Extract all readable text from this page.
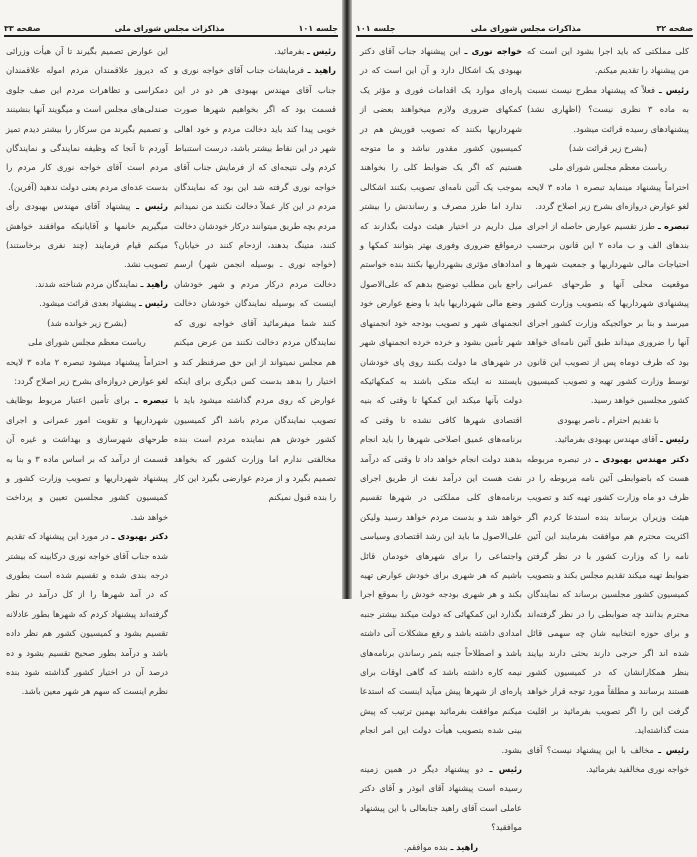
صفحه ۳۳	مذاکرات مجلس شورای ملی	جلسه ۱۰۱

رئیس ـ بفرمائید.

راهید ـ فرمایشات جناب آقای خواجه نوری و جناب آقای مهندس بهبودی هر دو در این قسمت بود که اگر بخواهیم شهرها صورت خوبی پیدا کند باید دخالت مردم و خود اهالی شهر در این نقاط بیشتر باشد، درست استنباط کردم ولی نتیجه‌ای که از فرمایش جناب آقای خواجه نوری گرفته شد این بود که نمایندگان مردم در این کار عملاً دخالت نکنند من نمیدانم مردم بچه طریق میتوانند درکار خودشان دخالت کنند، متینگ بدهند، ازدحام کنند در خیابان؟ (خواجه نوری ـ بوسیله انجمن شهر) ارسم دخالت مردم درکار مردم و شهر خودشان اینست که بوسیله نمایندگان خودشان دخالت کنند شما میفرمائید آقای خواجه نوری که نمایندگان مردم دخالت نکنند من عرض میکنم هم مجلس نمیتواند از این حق صرفنظر کند و اختیار را بدهد بدست کس دیگری برای اینکه عوارض که روی مردم گذاشته میشود باید با تصویب نمایندگان مردم باشد اگر کمیسیون کشور خودش هم نماینده مردم است بنده مخالفتی ندارم اما وزارت کشور که بخواهد تصمیم بگیرد و از مردم عوارضی بگیرد این کار را بنده قبول نمیکنم

این عوارض تصمیم بگیرند تا آن هیأت وزرائی که دیروز علاقمندان مردم اموله علاقمندان دمکراسی و تظاهرات مردم این صف جلوی صندلی‌های مجلس است و میگویند آنها بنشینند و تصمیم بگیرند من سرکار را بیشتر دیدم تمیز آوردم تا آنجا که وظیفه نمایندگی و نمایندگان مردم است آقای خواجه نوری کار مردم را بدست عده‌ای مردم یعنی دولت ندهید (آفرین).

رئیس ـ پیشنهاد آقای مهندس بهبودی رأی میگیریم خانمها و آقایانیکه موافقند خواهش میکنم قیام فرمایند (چند نفری برخاستند) تصویب نشد.

راهید ـ نمایندگان مردم شناخته شدند.

رئیس ـ پیشنهاد بعدی قرائت میشود.

(بشرح زیر خوانده شد)

ریاست معظم مجلس شورای ملی

احتراماً پیشنهاد میشود تبصره ۲ ماده ۳ لایحه لغو عوارض دروازه‌ای بشرح زیر اصلاح گردد:

تبصره ـ برای تأمین اعتبار مربوط بوظایف شهرداریها و تقویت امور عمرانی و اجرای طرحهای شهرسازی و بهداشت و غیره آن قسمت از درآمد که بر اساس ماده ۳ و بنا به پیشنهاد شهرداریها و تصویب وزارت کشور و کمیسیون کشور مجلسین تعیین و پرداخت خواهد شد.

دکتر بهبودی ـ در مورد این پیشنهاد که تقدیم شده جناب آقای خواجه نوری درکابینه که بیشتر درجه بندی شده و تقسیم شده است بطوری که در آمد شهرها را از کل درآمد در نظر گرفته‌اند پیشنهاد کردم که شهرها بطور عادلانه تقسیم بشود و کمیسیون کشور هم نظر داده باشد و درآمد بطور صحیح تقسیم بشود و ده درصد آن در اختیار کشور گذاشته شود بنده نظرم اینست که سهم هر شهر معین باشد.

جلسه ۱۰۱	مذاکرات مجلس شورای ملی	صفحه ۳۲

کلی مملکتی که باید اجرا بشود این است که من پیشنهاد را تقدیم میکنم.

رئیس ـ فعلاً که پیشنهاد مطرح نیست نسبت به ماده ۳ نظری نیست؟ (اظهاری نشد) پیشنهادهای رسیده قرائت میشود.

(بشرح زیر قرائت شد)

ریاست معظم مجلس شورای ملی

احتراماً پیشنهاد مینماید تبصره ۱ ماده ۳ لایحه لغو عوارض دروازه‌ای بشرح زیر اصلاح گردد.

تبصره ـ طرز تقسیم عوارض حاصله از اجرای بندهای الف و ب ماده ۲ این قانون برحسب احتیاجات مالی شهرداریها و جمعیت شهرها و موقعیت محلی آنها و طرحهای عمرانی پیشنهادی شهرداریها که بتصویب وزارت کشور میرسد و بنا بر حوائجیکه وزارت کشور اجرای آنها را ضروری میداند طبق آئین نامه‌ای خواهد بود که ظرف دوماه پس از تصویب این قانون توسط وزارت کشور تهیه و تصویب کمیسیون کشور مجلسین خواهد رسید.

با تقدیم احترام ـ ناصر بهبودی

رئیس ـ آقای مهندس بهبودی بفرمائید.

دکتر مهندس بهبودی ـ در تبصره مربوطه هست که باضوابطی آئین نامه مربوطه را در ظرف دو ماه وزارت کشور تهیه کند و تصویب هیئت وزیران برساند بنده استدعا کردم اگر اکثریت محترم هم موافقت بفرمایند این آئین نامه را که وزارت کشور با در نظر گرفتن ضوابط تهیه میکند تقدیم مجلس بکند و بتصویب کمیسیون کشور مجلسین برساند که نمایندگان محترم بدانند چه ضوابطی را در نظر گرفته‌اند و برای حوزه انتخابیه شان چه سهمی قائل شده اند اگر حرجی دارند بحثی دارند بیایند بنظر همکارانشان که در کمیسیون کشور هستند برسانند و مطلقاً مورد توجه قرار خواهد گرفت این را اگر تصویب بفرمائید بر اقلیت منت گذاشته‌اید.

رئیس ـ مخالف با این پیشنهاد نیست؟ آقای خواجه نوری مخالفید بفرمائید.

خواجه نوری ـ این پیشنهاد جناب آقای دکتر بهبودی یک اشکال دارد و آن این است که در پاره‌ای موارد یک اقدامات فوری و مؤثر یک کمکهای ضروری ولازم میخواهند بعضی از شهرداریها بکنند که تصویب فوریش هم در کمیسیون کشور مقدور نباشد و ما متوجه هستیم که اگر یک ضوابط کلی را بخواهند بموجب یک آئین نامه‌ای تصویب بکنند اشکالی ندارد اما طرز مصرف و رساندنش را بیشتر میل داریم در اختیار هیئت دولت بگذارند که درمواقع ضروری وفوری بهتر بتوانند کمکها و امدادهای مؤثری بشهرداریها بکنند بنده خواستم راجع باین مطلب توضیح بدهم که علی‌الاصول وضع مالی شهرداریها باید با وضع عوارض خود انجمنهای شهر و تصویب بودجه خود انجمنهای شهر تأمین بشود و خرده خرده انجمنهای شهر در شهرهای ما دولت بکنند روی پای خودشان بایستند نه اینکه متکی باشند به کمکهائیکه دولت بآنها میکند این کمکها تا وقتی که بنیه اقتصادی شهرها کافی نشده تا وقتی که برنامه‌های عمیق اصلاحی شهرها را باید انجام بدهند دولت انجام خواهد داد تا وقتی که درآمد نفت هست این درآمد نفت از طریق اجرای برنامه‌های کلی مملکتی در شهرها تقسیم خواهد شد و بدست مردم خواهد رسید ولیکن علی‌الاصول ما باید این رشد اقتصادی وسیاسی واجتماعی را برای شهرهای خودمان قائل باشیم که هر شهری برای خودش عوارض تهیه بکند و هر شهری بودجه خودش را بموقع اجرا بگذارد این کمکهائی که دولت میکند بیشتر جنبه امدادی داشته باشد و رفع مشکلات آنی داشته باشد و اصطلاحاً جنبه بثمر رساندن برنامه‌های نیمه کاره داشته باشد که گاهی اوقات برای پاره‌ای از شهرها پیش میآید اینست که استدعا میکنم موافقت بفرمائید بهمین ترتیب که پیش بینی شده بتصویب هیأت دولت این امر انجام بشود.

رئیس ـ دو پیشنهاد دیگر در همین زمینه رسیده است پیشنهاد آقای ابوذر و آقای دکتر عاملی است آقای راهید جنابعالی با این پیشنهاد موافقید؟

راهید ـ بنده موافقم.
